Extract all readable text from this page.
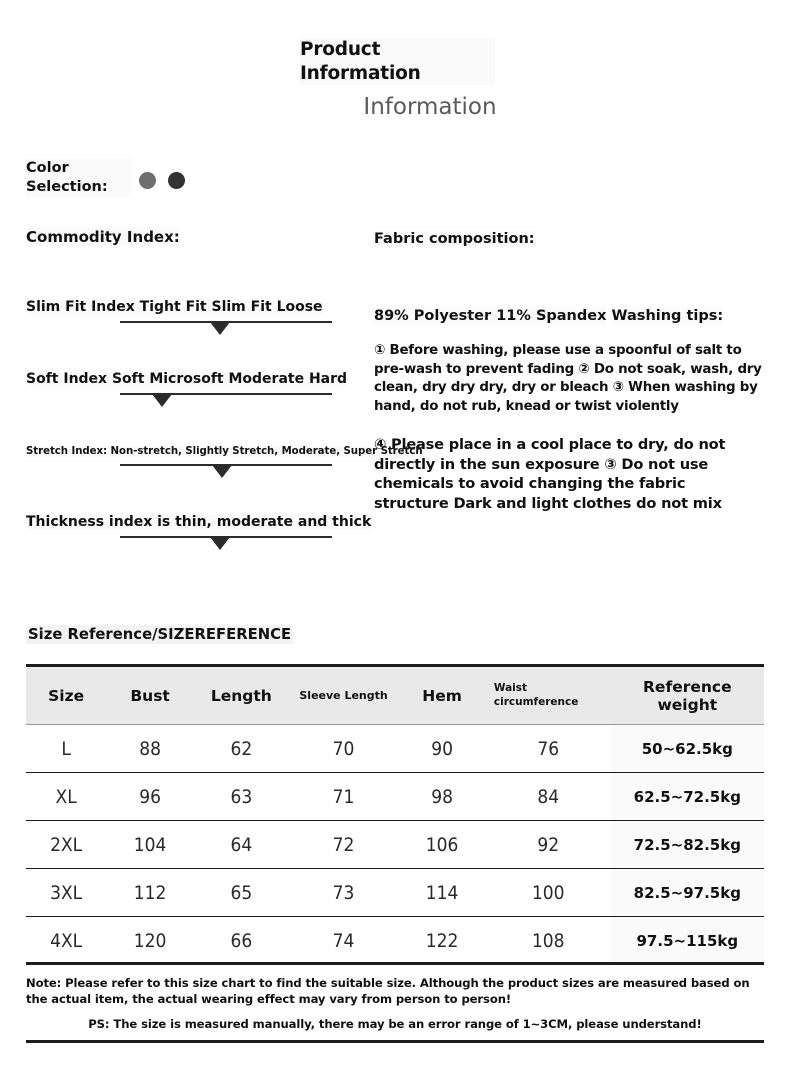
Product Information
Information
Color Selection:
Commodity Index:
Slim Fit Index Tight Fit Slim Fit Loose
Soft Index Soft Microsoft Moderate Hard
Stretch Index: Non-stretch, Slightly Stretch, Moderate, Super Stretch
Thickness index is thin, moderate and thick
Fabric composition: 89% Polyester 11% Spandex Washing tips:
① Before washing, please use a spoonful of salt to pre-wash to prevent fading ② Do not soak, wash, dry clean, dry dry dry, dry or bleach ③ When washing by hand, do not rub, knead or twist violently
④ Please place in a cool place to dry, do not directly in the sun exposure ③ Do not use chemicals to avoid changing the fabric structure Dark and light clothes do not mix
Size Reference/SIZEREFERENCE
Size	Bust	Length	Sleeve Length	Hem	Waist circumference	Reference weight
L	88	62	70	90	76	50~62.5kg
XL	96	63	71	98	84	62.5~72.5kg
2XL	104	64	72	106	92	72.5~82.5kg
3XL	112	65	73	114	100	82.5~97.5kg
4XL	120	66	74	122	108	97.5~115kg
Note: Please refer to this size chart to find the suitable size. Although the product sizes are measured based on the actual item, the actual wearing effect may vary from person to person!
PS: The size is measured manually, there may be an error range of 1~3CM, please understand!
